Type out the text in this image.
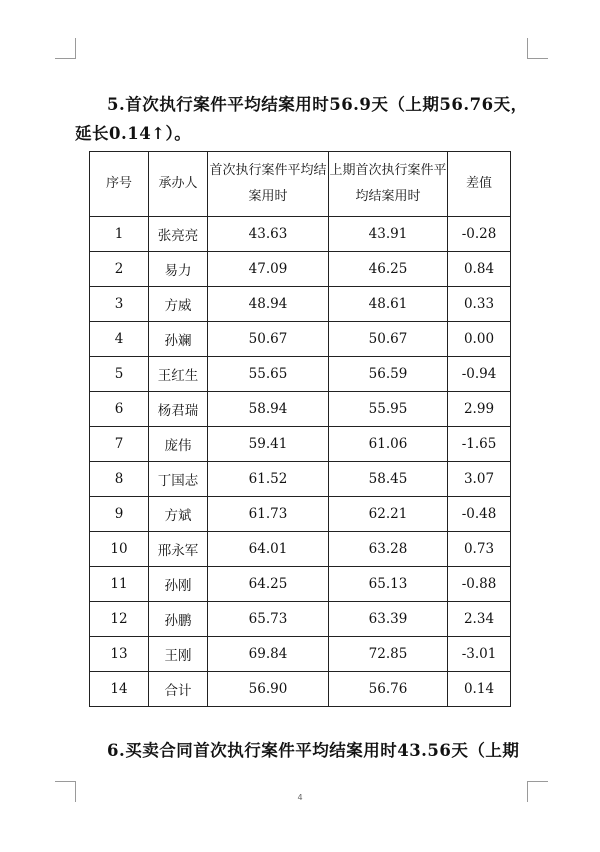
5.首次执行案件平均结案用时56.9天（上期56.76天，延长0.14↑）。

序号	承办人	首次执行案件平均结案用时	上期首次执行案件平均结案用时	差值
1	张亮亮	43.63	43.91	-0.28
2	易力	47.09	46.25	0.84
3	方威	48.94	48.61	0.33
4	孙斓	50.67	50.67	0.00
5	王红生	55.65	56.59	-0.94
6	杨君瑞	58.94	55.95	2.99
7	庞伟	59.41	61.06	-1.65
8	丁国志	61.52	58.45	3.07
9	方斌	61.73	62.21	-0.48
10	邢永军	64.01	63.28	0.73
11	孙刚	64.25	65.13	-0.88
12	孙鹏	65.73	63.39	2.34
13	王刚	69.84	72.85	-3.01
14	合计	56.90	56.76	0.14

6.买卖合同首次执行案件平均结案用时43.56天（上期

4
